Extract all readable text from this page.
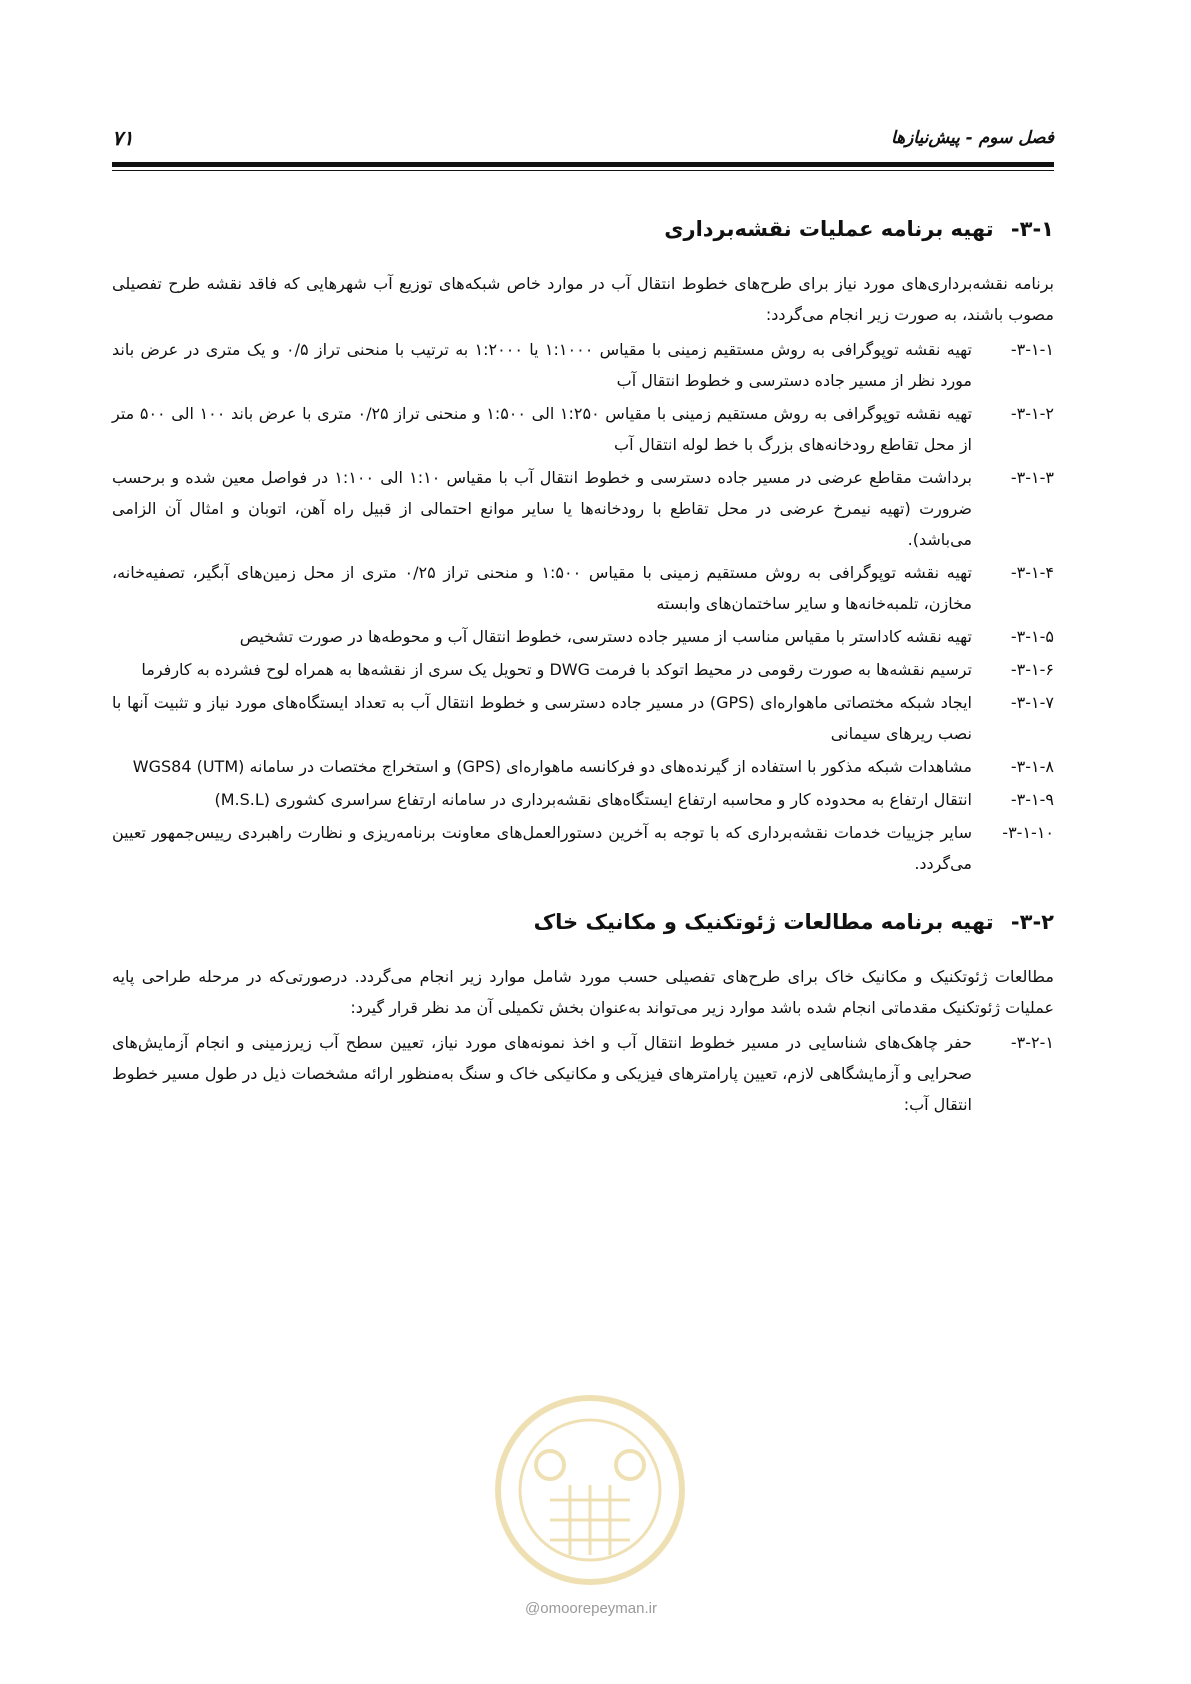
فصل سوم - پیش‌نیازها
۷۱
۳-۱- تهیه برنامه عملیات نقشه‌برداری

برنامه نقشه‌برداری‌های مورد نیاز برای طرح‌های خطوط انتقال آب در موارد خاص شبکه‌های توزیع آب شهرهایی که فاقد نقشه طرح تفصیلی مصوب باشند، به صورت زیر انجام می‌گردد:

۳-۱-۱-
تهیه نقشه توپوگرافی به روش مستقیم زمینی با مقیاس ۱:۱۰۰۰ یا ۱:۲۰۰۰ به ترتیب با منحنی تراز ۰/۵ و یک متری در عرض باند مورد نظر از مسیر جاده دسترسی و خطوط انتقال آب
۳-۱-۲-
تهیه نقشه توپوگرافی به روش مستقیم زمینی با مقیاس ۱:۲۵۰ الی ۱:۵۰۰ و منحنی تراز ۰/۲۵ متری با عرض باند ۱۰۰ الی ۵۰۰ متر از محل تقاطع رودخانه‌های بزرگ با خط لوله انتقال آب
۳-۱-۳-
برداشت مقاطع عرضی در مسیر جاده دسترسی و خطوط انتقال آب با مقیاس ۱:۱۰ الی ۱:۱۰۰ در فواصل معین شده و برحسب ضرورت (تهیه نیمرخ عرضی در محل تقاطع با رودخانه‌ها یا سایر موانع احتمالی از قبیل راه آهن، اتوبان و امثال آن الزامی می‌باشد).
۳-۱-۴-
تهیه نقشه توپوگرافی به روش مستقیم زمینی با مقیاس ۱:۵۰۰ و منحنی تراز ۰/۲۵ متری از محل زمین‌های آبگیر، تصفیه‌خانه، مخازن، تلمبه‌خانه‌ها و سایر ساختمان‌های وابسته
۳-۱-۵-
تهیه نقشه کاداستر با مقیاس مناسب از مسیر جاده دسترسی، خطوط انتقال آب و محوطه‌ها در صورت تشخیص
۳-۱-۶-
ترسیم نقشه‌ها به صورت رقومی در محیط اتوکد با فرمت DWG و تحویل یک سری از نقشه‌ها به همراه لوح فشرده به کارفرما
۳-۱-۷-
ایجاد شبکه مختصاتی ماهواره‌ای (GPS) در مسیر جاده دسترسی و خطوط انتقال آب به تعداد ایستگاه‌های مورد نیاز و تثبیت آنها با نصب ریرهای سیمانی
۳-۱-۸-
مشاهدات شبکه مذکور با استفاده از گیرنده‌های دو فرکانسه ماهواره‌ای (GPS) و استخراج مختصات در سامانه WGS84 (UTM)
۳-۱-۹-
انتقال ارتفاع به محدوده کار و محاسبه ارتفاع ایستگاه‌های نقشه‌برداری در سامانه ارتفاع سراسری کشوری (M.S.L)
۳-۱-۱۰-
سایر جزییات خدمات نقشه‌برداری که با توجه به آخرین دستورالعمل‌های معاونت برنامه‌ریزی و نظارت راهبردی رییس‌جمهور تعیین می‌گردد.
۳-۲- تهیه برنامه مطالعات ژئوتکنیک و مکانیک خاک

مطالعات ژئوتکنیک و مکانیک خاک برای طرح‌های تفصیلی حسب مورد شامل موارد زیر انجام می‌گردد. درصورتی‌که در مرحله طراحی پایه عملیات ژئوتکنیک مقدماتی انجام شده باشد موارد زیر می‌تواند به‌عنوان بخش تکمیلی آن مد نظر قرار گیرد:

۳-۲-۱-
حفر چاهک‌های شناسایی در مسیر خطوط انتقال آب و اخذ نمونه‌های مورد نیاز، تعیین سطح آب زیرزمینی و انجام آزمایش‌های صحرایی و آزمایشگاهی لازم، تعیین پارامترهای فیزیکی و مکانیکی خاک و سنگ به‌منظور ارائه مشخصات ذیل در طول مسیر خطوط انتقال آب:
@omoorepeyman.ir
